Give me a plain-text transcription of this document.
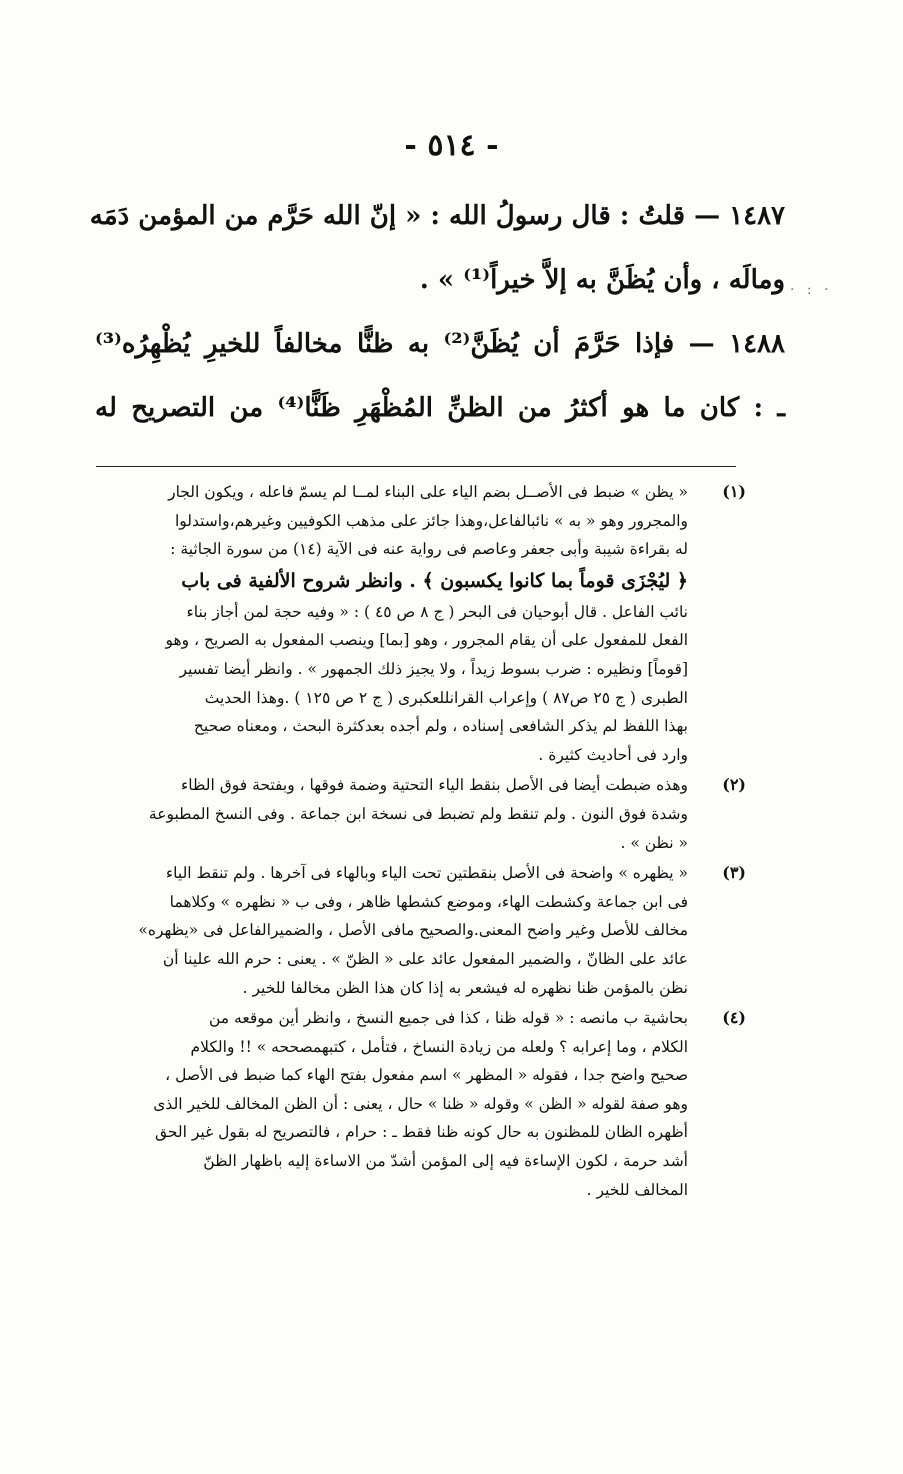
- ٥١٤ -
· : ·
١٤٨٧ — قلتُ : قال رسولُ الله : « إنّ الله حَرَّم من المؤمن دَمَه
ومالَه ، وأن يُظَنَّ به إلاَّ خيراً⁽¹⁾ » .
١٤٨٨ — فإذا حَرَّمَ أن يُظَنَّ⁽²⁾ به ظنًّا مخالفاً للخيرِ يُظْهِرُه⁽³⁾
ـ : كان ما هو أكثرُ من الظنِّ المُظْهَرِ ظَنًّا⁽⁴⁾ من التصريح له
(١)
« يظن » ضبط فى الأصــل بضم الياء على البناء لمــا لم يسمّ فاعله ، ويكون الجار
والمجرور وهو « به » نائبالفاعل،وهذا جائز على مذهب الكوفيين وغيرهم،واستدلوا
له بقراءة شيبة وأبى جعفر وعاصم فى رواية عنه فى الآية (١٤) من سورة الجاثية :
﴿ ليُجْزَى قوماً بما كانوا يكسبون ﴾ . وانظر شروح الألفية فى باب
نائب الفاعل . قال أبوحيان فى البحر ( ج ٨ ص ٤٥ ) : « وفيه حجة لمن أجاز بناء
الفعل للمفعول على أن يقام المجرور ، وهو [بما] وينصب المفعول به الصريح ، وهو
[قوماً] ونظيره : ضرب بسوط زيداً ، ولا يجيز ذلك الجمهور » . وانظر أيضا تفسير
الطبرى ( ج ٢٥ ص٨٧ ) وإعراب القرانللعكبرى ( ج ٢ ص ١٢٥ ) .وهذا الحديث
بهذا اللفظ لم يذكر الشافعى إسناده ، ولم أجده بعدكثرة البحث ، ومعناه صحيح
وارد فى أحاديث كثيرة .
(٢)
وهذه ضبطت أيضا فى الأصل بنقط الياء التحتية وضمة فوقها ، وبفتحة فوق الظاء
وشدة فوق النون . ولم تنقط ولم تضبط فى نسخة ابن جماعة . وفى النسخ المطبوعة
« نظن » .
(٣)
« يظهره » واضحة فى الأصل بنقطتين تحت الياء وبالهاء فى آخرها . ولم تنقط الياء
فى ابن جماعة وكشطت الهاء، وموضع كشطها ظاهر ، وفى ب « نظهره » وكلاهما
مخالف للأصل وغير واضح المعنى.والصحيح مافى الأصل ، والضميرالفاعل فى «يظهره»
عائد على الظانّ ، والضمير المفعول عائد على « الظنّ » . يعنى : حرم الله علينا أن
نظن بالمؤمن ظنا نظهره له فيشعر به إذا كان هذا الظن مخالفا للخير .
(٤)
بحاشية ب مانصه : « قوله ظنا ، كذا فى جميع النسخ ، وانظر أين موقعه من
الكلام ، وما إعرابه ؟ ولعله من زيادة النساخ ، فتأمل ، كتبهمصححه » !! والكلام
صحيح واضح جدا ، فقوله « المظهر » اسم مفعول بفتح الهاء كما ضبط فى الأصل ،
وهو صفة لقوله « الظن » وقوله « ظنا » حال ، يعنى : أن الظن المخالف للخير الذى
أظهره الظان للمظنون به حال كونه ظنا فقط ـ : حرام ، فالتصريح له بقول غير الحق
أشد حرمة ، لكون الإساءة فيه إلى المؤمن أشدّ من الاساءة إليه باظهار الظنّ
المخالف للخير .
